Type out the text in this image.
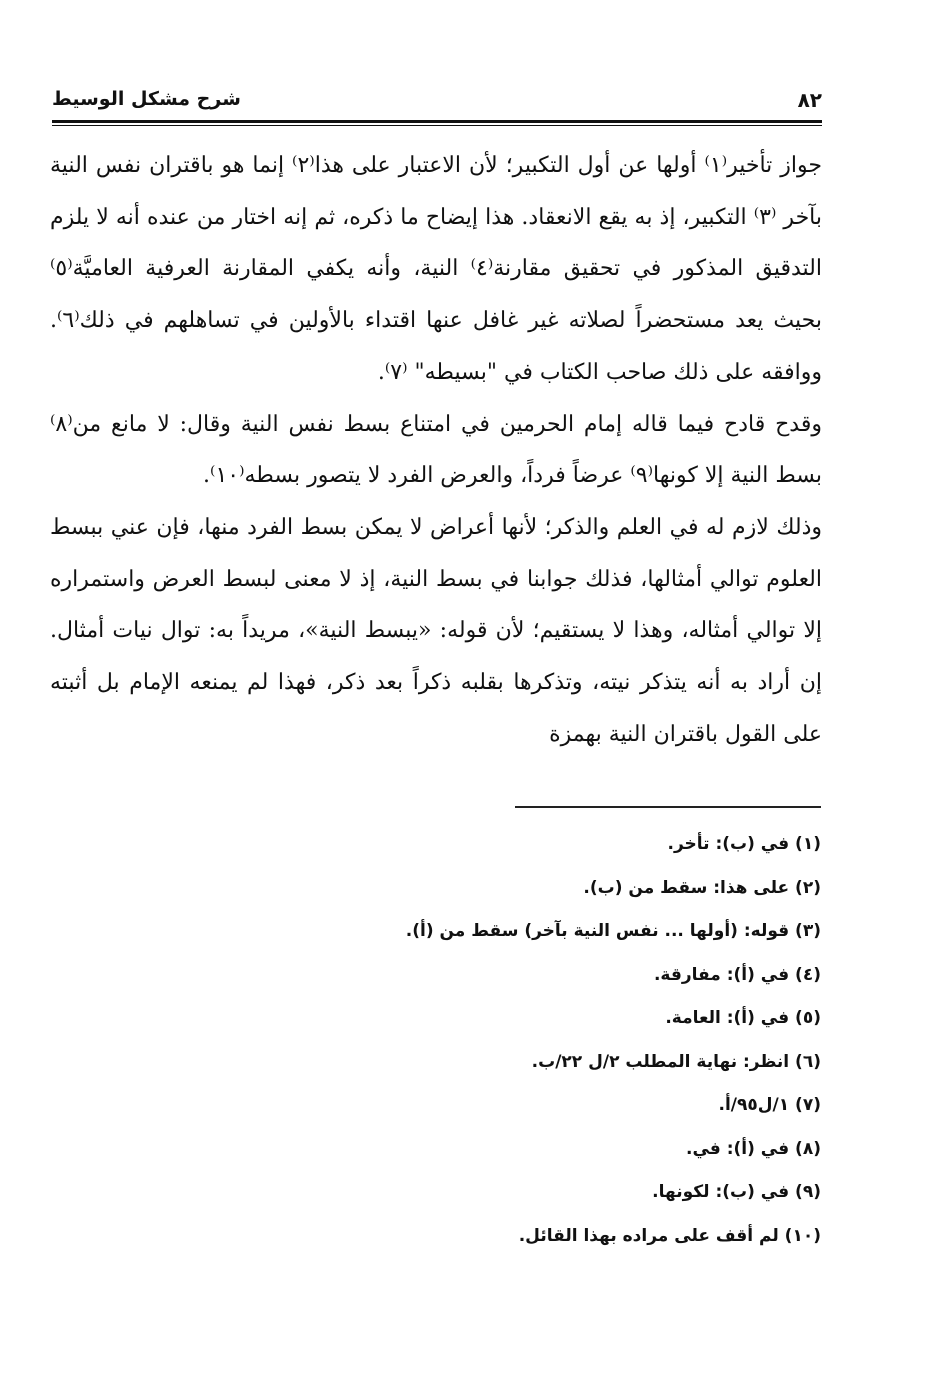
٨٢
شرح مشكل الوسيط

جواز تأخير⁽١⁾ أولها عن أول التكبير؛ لأن الاعتبار على هذا⁽٢⁾ إنما هو باقتران نفس النية بآخر ⁽٣⁾ التكبير، إذ به يقع الانعقاد. هذا إيضاح ما ذكره، ثم إنه اختار من عنده أنه لا يلزم التدقيق المذكور في تحقيق مقارنة⁽٤⁾ النية، وأنه يكفي المقارنة العرفية العاميَّة⁽٥⁾ بحيث يعد مستحضراً لصلاته غير غافل عنها اقتداء بالأولين في تساهلهم في ذلك⁽٦⁾. ووافقه على ذلك صاحب الكتاب في "بسيطه" ⁽٧⁾.

وقدح قادح فيما قاله إمام الحرمين في امتناع بسط نفس النية وقال: لا مانع من⁽٨⁾ بسط النية إلا كونها⁽٩⁾ عرضاً فرداً، والعرض الفرد لا يتصور بسطه⁽١٠⁾.

وذلك لازم له في العلم والذكر؛ لأنها أعراض لا يمكن بسط الفرد منها، فإن عني ببسط العلوم توالي أمثالها، فذلك جوابنا في بسط النية، إذ لا معنى لبسط العرض واستمراره إلا توالي أمثاله، وهذا لا يستقيم؛ لأن قوله: «يبسط النية»، مريداً به: توال نيات أمثال. إن أراد به أنه يتذكر نيته، وتذكرها بقلبه ذكراً بعد ذكر، فهذا لم يمنعه الإمام بل أثبته على القول باقتران النية بهمزة

(١) في (ب): تأخر.
(٢) على هذا: سقط من (ب).
(٣) قوله: (أولها ... نفس النية بآخر) سقط من (أ).
(٤) في (أ): مفارقة.
(٥) في (أ): العامة.
(٦) انظر: نهاية المطلب ٢/ل ٢٢/ب.
(٧) ١/ل٩٥/أ.
(٨) في (أ): في.
(٩) في (ب): لكونها.
(١٠) لم أقف على مراده بهذا القائل.
